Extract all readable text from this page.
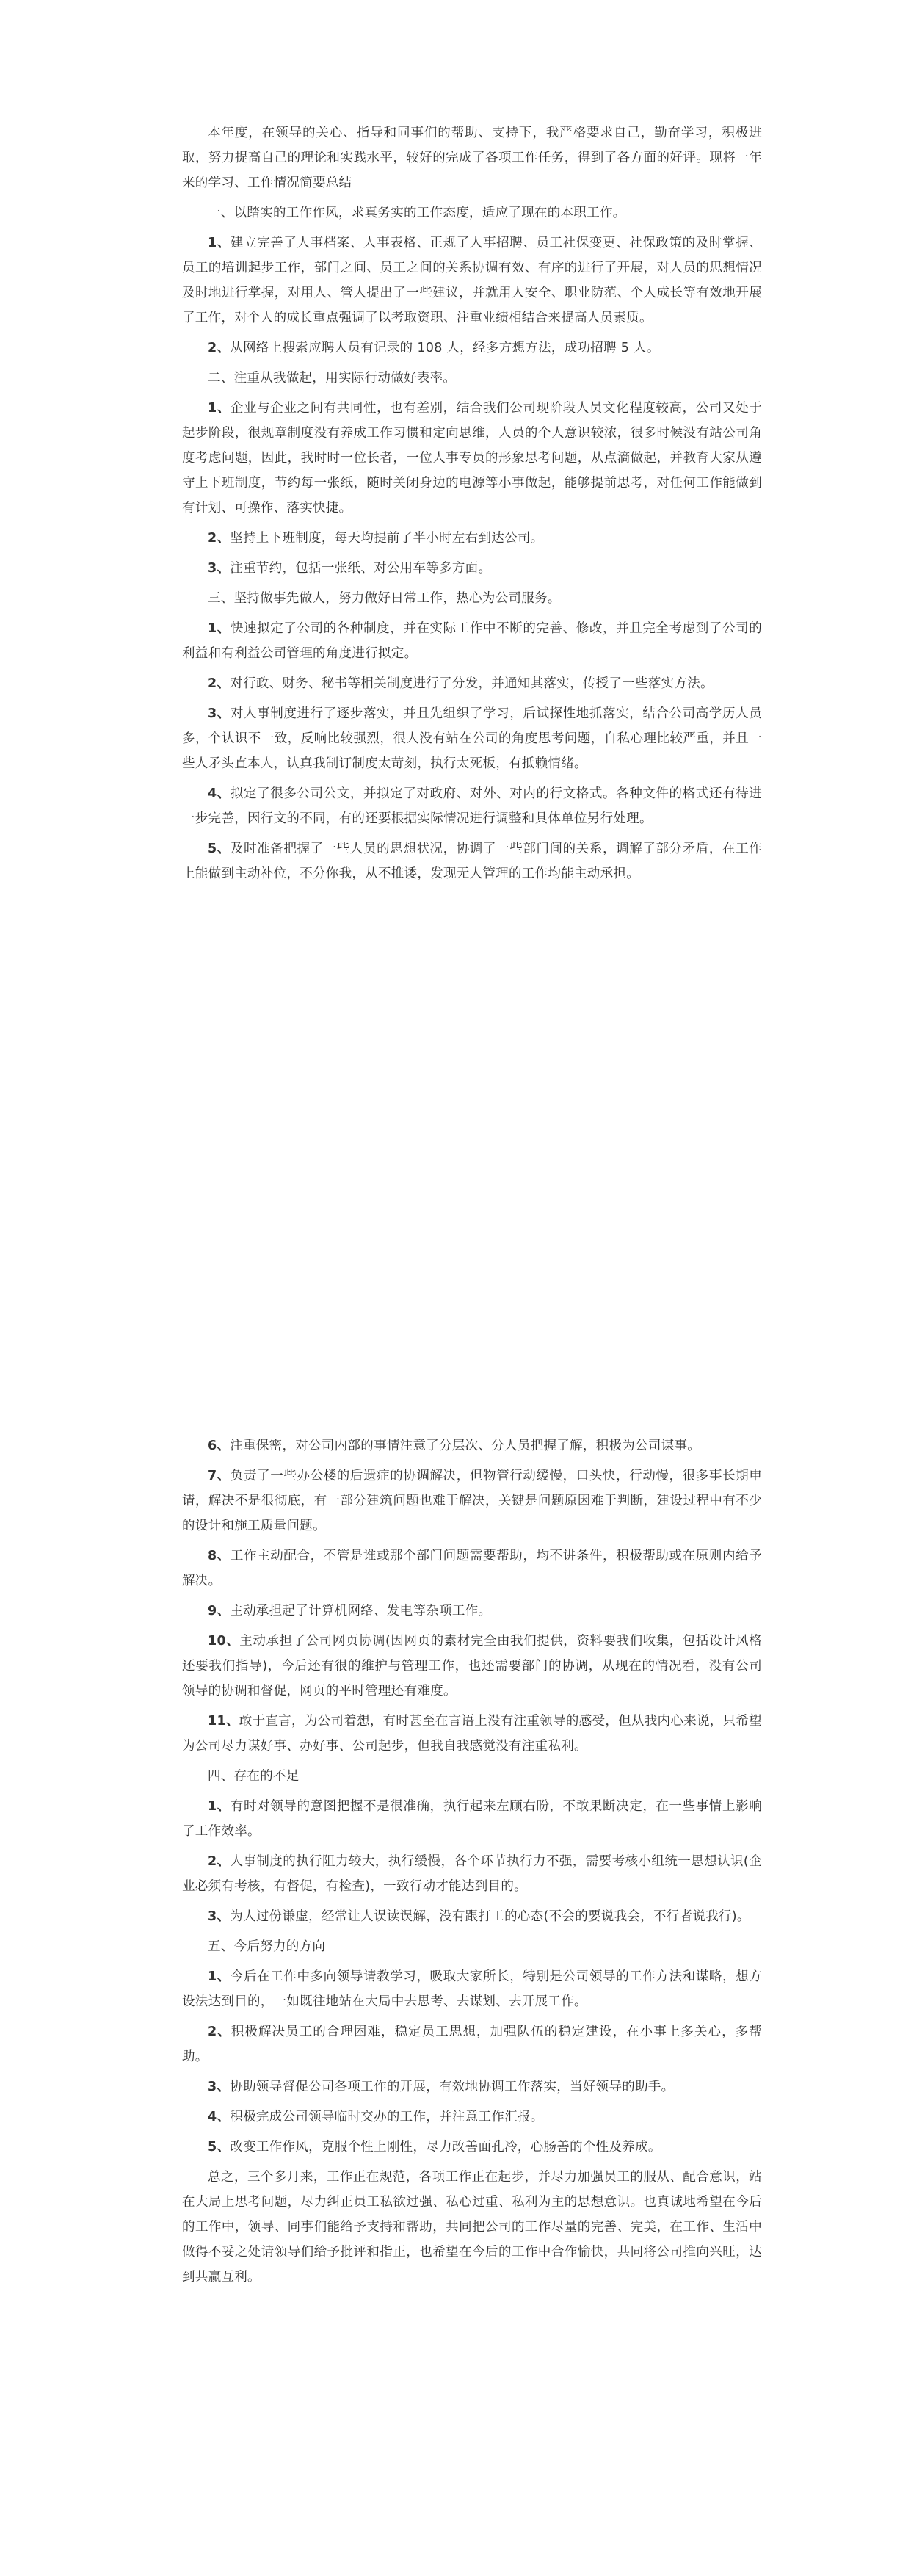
本年度，在领导的关心、指导和同事们的帮助、支持下，我严格要求自己，勤奋学习，积极进取，努力提高自己的理论和实践水平，较好的完成了各项工作任务，得到了各方面的好评。现将一年来的学习、工作情况简要总结

一、以踏实的工作作风，求真务实的工作态度，适应了现在的本职工作。

1、建立完善了人事档案、人事表格、正规了人事招聘、员工社保变更、社保政策的及时掌握、员工的培训起步工作，部门之间、员工之间的关系协调有效、有序的进行了开展，对人员的思想情况及时地进行掌握，对用人、管人提出了一些建议，并就用人安全、职业防范、个人成长等有效地开展了工作，对个人的成长重点强调了以考取资职、注重业绩相结合来提高人员素质。

2、从网络上搜索应聘人员有记录的 108 人，经多方想方法，成功招聘 5 人。

二、注重从我做起，用实际行动做好表率。

1、企业与企业之间有共同性，也有差别，结合我们公司现阶段人员文化程度较高，公司又处于起步阶段，很规章制度没有养成工作习惯和定向思维，人员的个人意识较浓，很多时候没有站公司角度考虑问题，因此，我时时一位长者，一位人事专员的形象思考问题，从点滴做起，并教育大家从遵守上下班制度，节约每一张纸，随时关闭身边的电源等小事做起，能够提前思考，对任何工作能做到有计划、可操作、落实快捷。

2、坚持上下班制度，每天均提前了半小时左右到达公司。

3、注重节约，包括一张纸、对公用车等多方面。

三、坚持做事先做人，努力做好日常工作，热心为公司服务。

1、快速拟定了公司的各种制度，并在实际工作中不断的完善、修改，并且完全考虑到了公司的利益和有利益公司管理的角度进行拟定。

2、对行政、财务、秘书等相关制度进行了分发，并通知其落实，传授了一些落实方法。

3、对人事制度进行了逐步落实，并且先组织了学习，后试探性地抓落实，结合公司高学历人员多，个认识不一致，反响比较强烈，很人没有站在公司的角度思考问题，自私心理比较严重，并且一些人矛头直本人，认真我制订制度太苛刻，执行太死板，有抵赖情绪。

4、拟定了很多公司公文，并拟定了对政府、对外、对内的行文格式。各种文件的格式还有待进一步完善，因行文的不同，有的还要根据实际情况进行调整和具体单位另行处理。

5、及时准备把握了一些人员的思想状况，协调了一些部门间的关系，调解了部分矛盾，在工作上能做到主动补位，不分你我，从不推诿，发现无人管理的工作均能主动承担。

6、注重保密，对公司内部的事情注意了分层次、分人员把握了解，积极为公司谋事。

7、负责了一些办公楼的后遗症的协调解决，但物管行动缓慢，口头快，行动慢，很多事长期申请，解决不是很彻底，有一部分建筑问题也难于解决，关键是问题原因难于判断，建设过程中有不少的设计和施工质量问题。

8、工作主动配合，不管是谁或那个部门问题需要帮助，均不讲条件，积极帮助或在原则内给予解决。

9、主动承担起了计算机网络、发电等杂项工作。

10、主动承担了公司网页协调(因网页的素材完全由我们提供，资料要我们收集，包括设计风格还要我们指导)，今后还有很的维护与管理工作，也还需要部门的协调，从现在的情况看，没有公司领导的协调和督促，网页的平时管理还有难度。

11、敢于直言，为公司着想，有时甚至在言语上没有注重领导的感受，但从我内心来说，只希望为公司尽力谋好事、办好事、公司起步，但我自我感觉没有注重私利。

四、存在的不足

1、有时对领导的意图把握不是很准确，执行起来左顾右盼，不敢果断决定，在一些事情上影响了工作效率。

2、人事制度的执行阻力较大，执行缓慢，各个环节执行力不强，需要考核小组统一思想认识(企业必须有考核，有督促，有检查)，一致行动才能达到目的。

3、为人过份谦虚，经常让人误读误解，没有跟打工的心态(不会的要说我会，不行者说我行)。

五、今后努力的方向

1、今后在工作中多向领导请教学习，吸取大家所长，特别是公司领导的工作方法和谋略，想方设法达到目的，一如既往地站在大局中去思考、去谋划、去开展工作。

2、积极解决员工的合理困难，稳定员工思想，加强队伍的稳定建设，在小事上多关心，多帮助。

3、协助领导督促公司各项工作的开展，有效地协调工作落实，当好领导的助手。

4、积极完成公司领导临时交办的工作，并注意工作汇报。

5、改变工作作风，克服个性上刚性，尽力改善面孔冷，心肠善的个性及养成。

总之，三个多月来，工作正在规范，各项工作正在起步，并尽力加强员工的服从、配合意识，站在大局上思考问题，尽力纠正员工私欲过强、私心过重、私利为主的思想意识。也真诚地希望在今后的工作中，领导、同事们能给予支持和帮助，共同把公司的工作尽量的完善、完美，在工作、生活中做得不妥之处请领导们给予批评和指正，也希望在今后的工作中合作愉快，共同将公司推向兴旺，达到共赢互利。
